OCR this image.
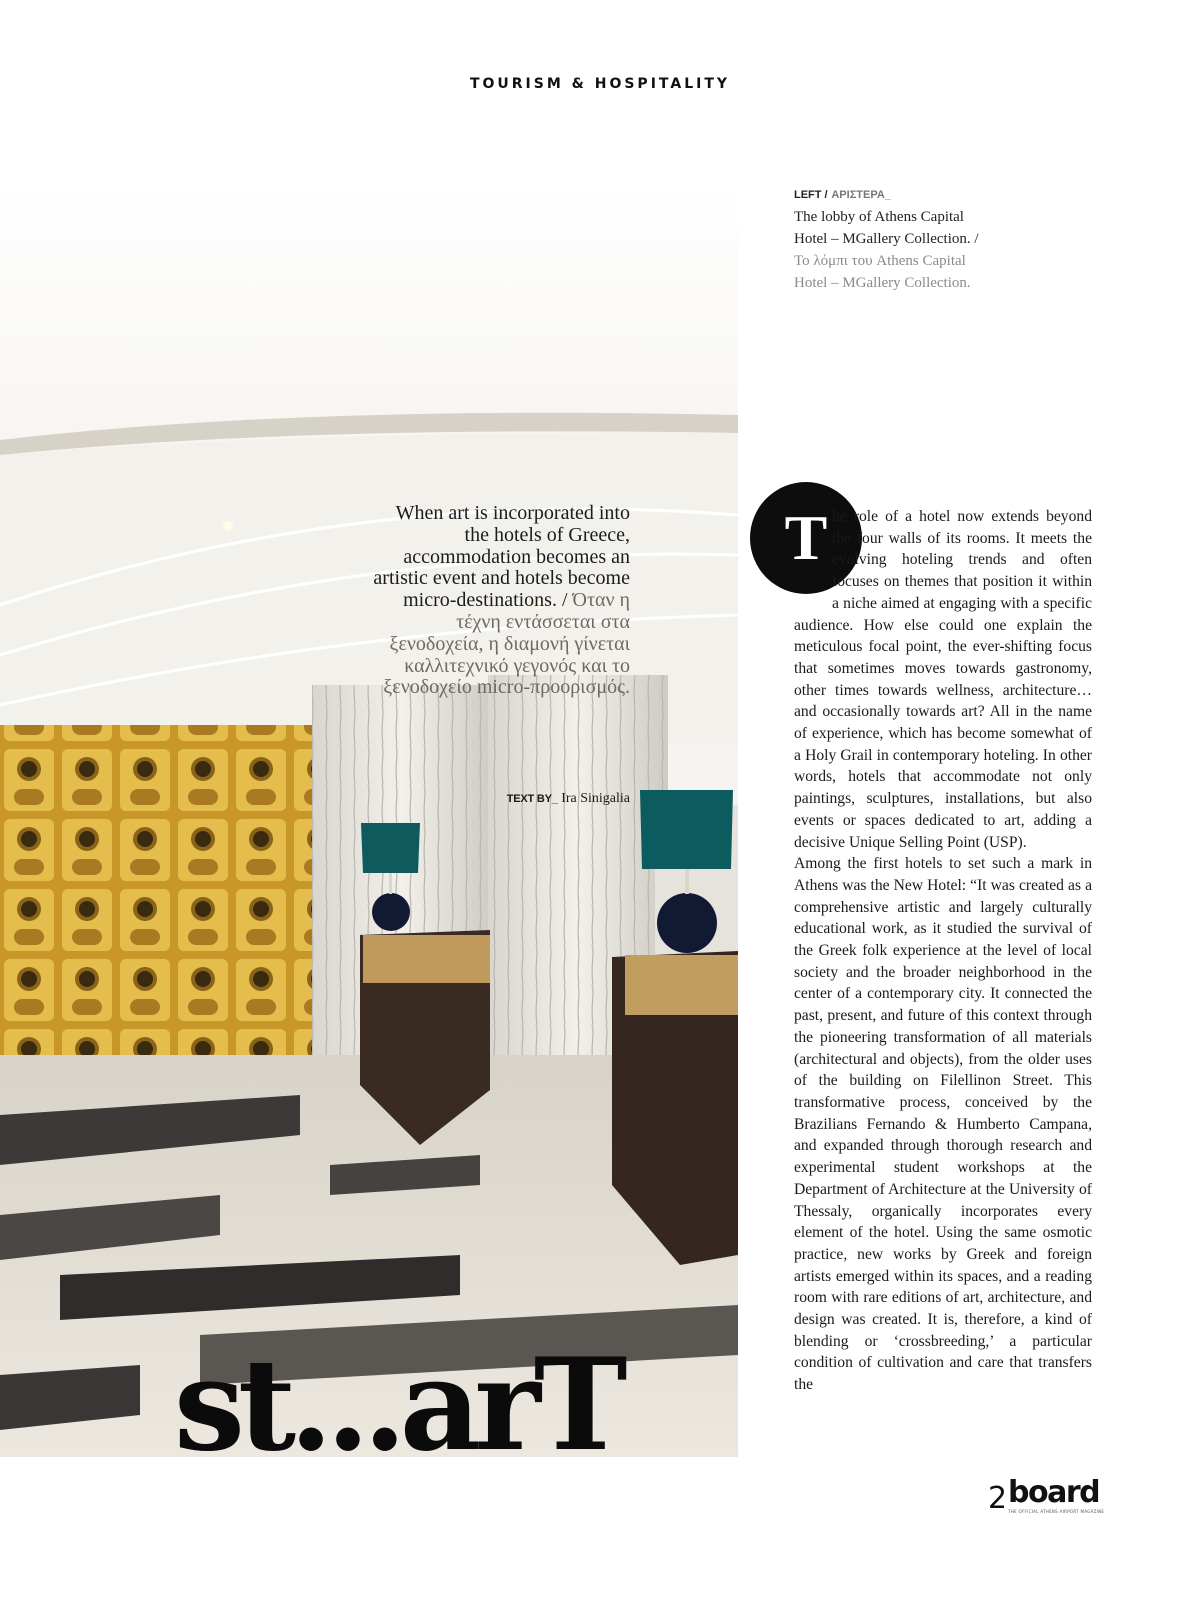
TOURISM & HOSPITALITY
LEFT / ΑΡΙΣΤΕΡΑ_
The lobby of Athens Capital Hotel – MGallery Collection. / Το λόμπι του Athens Capital Hotel – MGallery Collection.
When art is incorporated into the hotels of Greece, accommodation becomes an artistic event and hotels become micro-destinations. / Όταν η τέχνη εντάσσεται στα ξενοδοχεία, η διαμονή γίνεται καλλιτεχνικό γεγονός και το ξενοδοχείο micro-προορισμός.
TEXT BY_ Ira Sinigalia
st...arT
T he role of a hotel now extends beyond the four walls of its rooms. It meets the evolving hoteling trends and often focuses on themes that position it within a niche aimed at engaging with a specific audience. How else could one explain the meticulous focal point, the ever-shifting focus that sometimes moves towards gastronomy, other times towards wellness, architecture… and occasionally towards art? All in the name of experience, which has become somewhat of a Holy Grail in contemporary hoteling. In other words, hotels that accommodate not only paintings, sculptures, installations, but also events or spaces dedicated to art, adding a decisive Unique Selling Point (USP).

Among the first hotels to set such a mark in Athens was the New Hotel: “It was created as a comprehensive artistic and largely culturally educational work, as it studied the survival of the Greek folk experience at the level of local society and the broader neighborhood in the center of a contemporary city. It connected the past, present, and future of this context through the pioneering transformation of all materials (architectural and objects), from the older uses of the building on Filellinon Street. This transformative process, conceived by the Brazilians Fernando & Humberto Campana, and expanded through thorough research and experimental student workshops at the Department of Architecture at the University of Thessaly, organically incorporates every element of the hotel. Using the same osmotic practice, new works by Greek and foreign artists emerged within its spaces, and a reading room with rare editions of art, architecture, and design was created. It is, therefore, a kind of blending or ‘crossbreeding,’ a particular condition of cultivation and care that transfers the

2 board
THE OFFICIAL ATHENS AIRPORT MAGAZINE
